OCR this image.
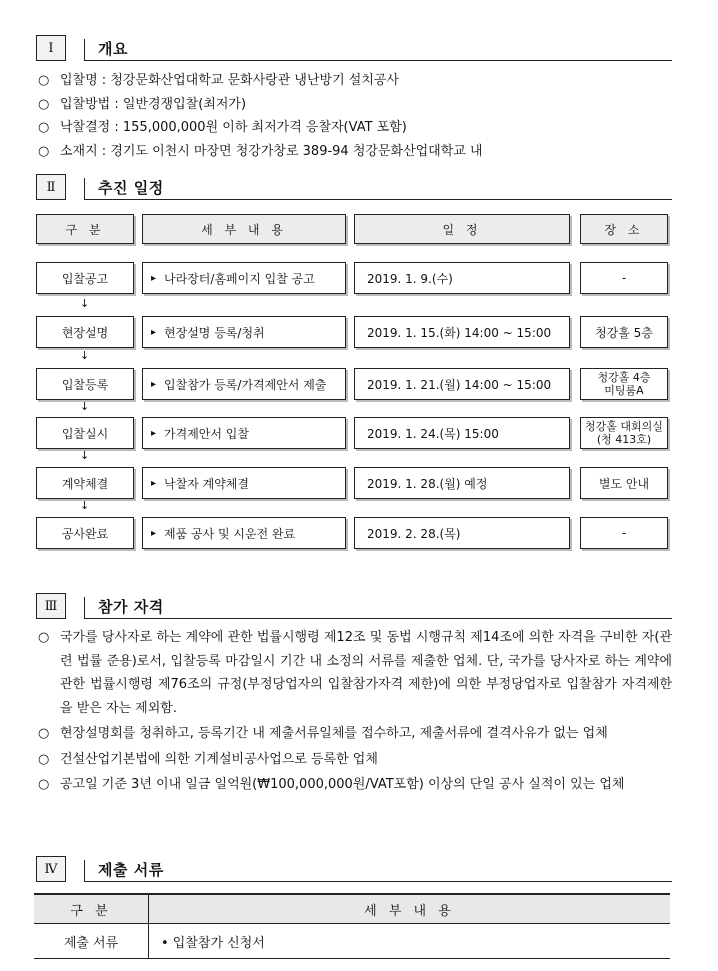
Ⅰ	개요
○ 입찰명 : 청강문화산업대학교 문화사랑관 냉난방기 설치공사
○ 입찰방법 : 일반경쟁입찰(최저가)
○ 낙찰결정 : 155,000,000원 이하 최저가격 응찰자(VAT 포함)
○ 소재지 : 경기도 이천시 마장면 청강가창로 389-94 청강문화산업대학교 내
Ⅱ	추진 일정
구 분	세 부 내 용	일 정	장 소
입찰공고	▸ 나라장터/홈페이지 입찰 공고	2019. 1. 9.(수)	-
↓
현장설명	▸ 현장설명 등록/청취	2019. 1. 15.(화) 14:00 ~ 15:00	청강홀 5층
↓
입찰등록	▸ 입찰참가 등록/가격제안서 제출	2019. 1. 21.(월) 14:00 ~ 15:00	청강홀 4층
미팅룸A
↓
입찰실시	▸ 가격제안서 입찰	2019. 1. 24.(목) 15:00	청강홀 대회의실
(청 413호)
↓
계약체결	▸ 낙찰자 계약체결	2019. 1. 28.(월) 예정	별도 안내
↓
공사완료	▸ 제품 공사 및 시운전 완료	2019. 2. 28.(목)	-
Ⅲ	참가 자격
○ 국가를 당사자로 하는 계약에 관한 법률시행령 제12조 및 동법 시행규칙 제14조에 의한 자격을 구비한 자(관련 법률 준용)로서, 입찰등록 마감일시 기간 내 소정의 서류를 제출한 업체. 단, 국가를 당사자로 하는 계약에 관한 법률시행령 제76조의 규정(부정당업자의 입찰참가자격 제한)에 의한 부정당업자로 입찰참가 자격제한을 받은 자는 제외함.
○ 현장설명회를 청취하고, 등록기간 내 제출서류일체를 접수하고, 제출서류에 결격사유가 없는 업체
○ 건설산업기본법에 의한 기계설비공사업으로 등록한 업체
○ 공고일 기준 3년 이내 일금 일억원(₩100,000,000원/VAT포함) 이상의 단일 공사 실적이 있는 업체
Ⅳ	제출 서류
구 분	세 부 내 용
제출 서류	• 입찰참가 신청서
